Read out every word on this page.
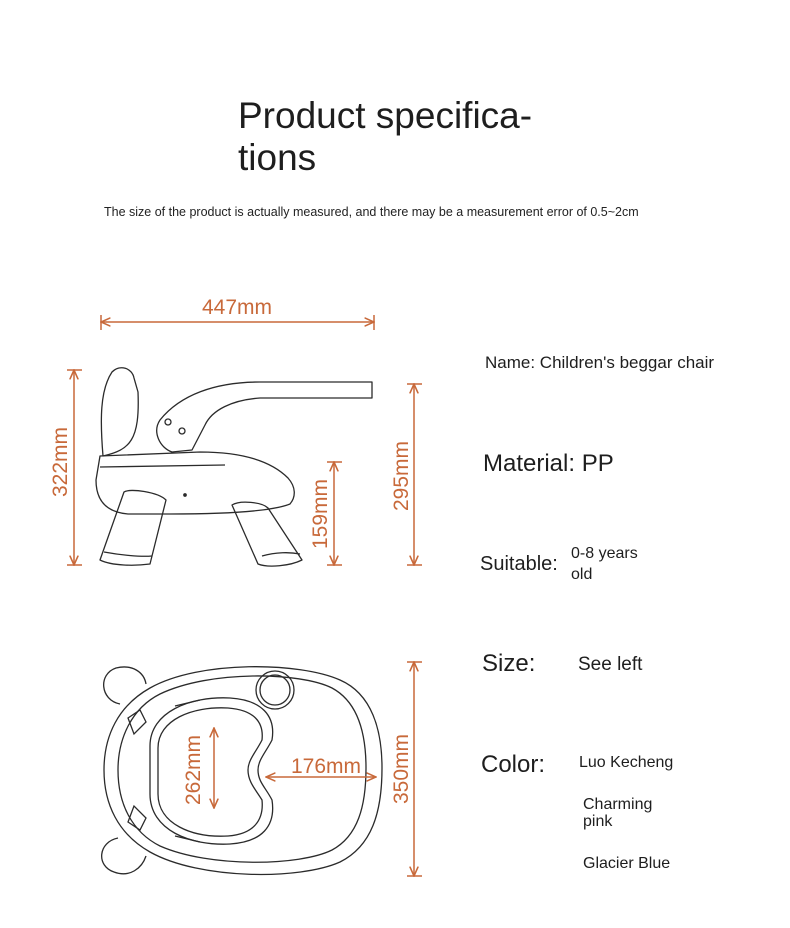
Product specifica-
tions
The size of the product is actually measured, and there may be a measurement error of 0.5~2cm
447mm
322mm
159mm
295mm
262mm	176mm 350mm
Name: Children's beggar chair
Material: PP
Suitable: 0-8 years
old
Size: See left
Color: Luo Kecheng
Charming
pink
Glacier Blue
